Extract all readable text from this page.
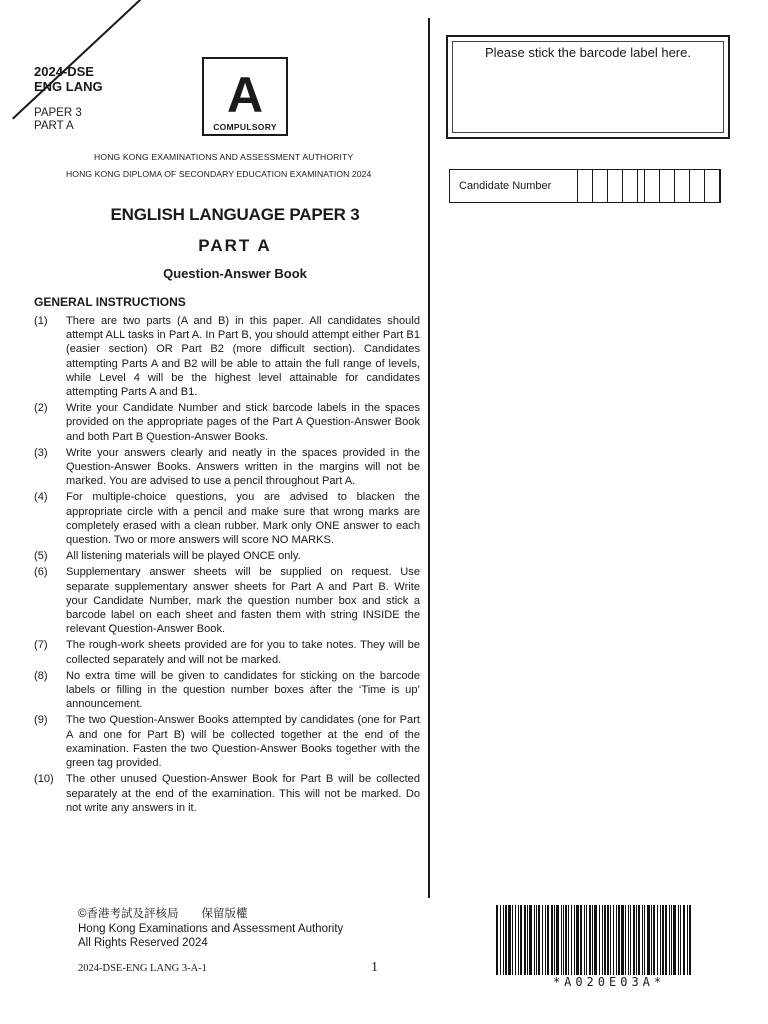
2024-DSE
ENG LANG
PAPER 3
PART A
A
COMPULSORY
HONG KONG EXAMINATIONS AND ASSESSMENT AUTHORITY
HONG KONG DIPLOMA OF SECONDARY EDUCATION EXAMINATION 2024
ENGLISH LANGUAGE PAPER 3
PART A
Question-Answer Book
GENERAL INSTRUCTIONS
(1)	There are two parts (A and B) in this paper. All candidates should attempt ALL tasks in Part A. In Part B, you should attempt either Part B1 (easier section) OR Part B2 (more difficult section). Candidates attempting Parts A and B2 will be able to attain the full range of levels, while Level 4 will be the highest level attainable for candidates attempting Parts A and B1.
(2)	Write your Candidate Number and stick barcode labels in the spaces provided on the appropriate pages of the Part A Question-Answer Book and both Part B Question-Answer Books.
(3)	Write your answers clearly and neatly in the spaces provided in the Question-Answer Books. Answers written in the margins will not be marked. You are advised to use a pencil throughout Part A.
(4)	For multiple-choice questions, you are advised to blacken the appropriate circle with a pencil and make sure that wrong marks are completely erased with a clean rubber. Mark only ONE answer to each question. Two or more answers will score NO MARKS.
(5)	All listening materials will be played ONCE only.
(6)	Supplementary answer sheets will be supplied on request. Use separate supplementary answer sheets for Part A and Part B. Write your Candidate Number, mark the question number box and stick a barcode label on each sheet and fasten them with string INSIDE the relevant Question-Answer Book.
(7)	The rough-work sheets provided are for you to take notes. They will be collected separately and will not be marked.
(8)	No extra time will be given to candidates for sticking on the barcode labels or filling in the question number boxes after the ‘Time is up’ announcement.
(9)	The two Question-Answer Books attempted by candidates (one for Part A and one for Part B) will be collected together at the end of the examination. Fasten the two Question-Answer Books together with the green tag provided.
(10)	The other unused Question-Answer Book for Part B will be collected separately at the end of the examination. This will not be marked. Do not write any answers in it.
Please stick the barcode label here.
Candidate Number
©香港考試及評核局　　保留版權
Hong Kong Examinations and Assessment Authority
All Rights Reserved 2024
2024-DSE-ENG LANG 3-A-1	1
*A020E03A*
